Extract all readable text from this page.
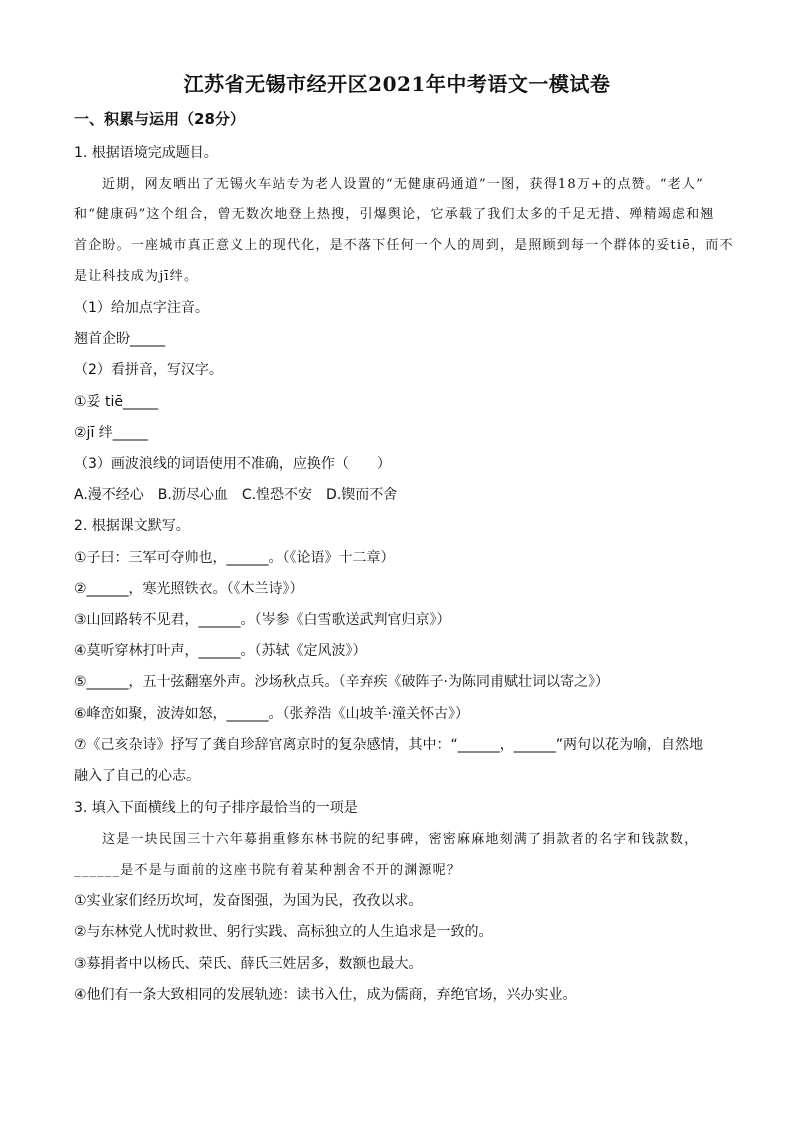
江苏省无锡市经开区2021年中考语文一模试卷
一、积累与运用（28分）
1. 根据语境完成题目。
近期，网友晒出了无锡火车站专为老人设置的“无健康码通道”一图，获得18万+的点赞。“老人”
和“健康码”这个组合，曾无数次地登上热搜，引爆舆论，它承载了我们太多的千足无措、殚精竭虑和翘
首企盼。一座城市真正意义上的现代化，是不落下任何一个人的周到，是照顾到每一个群体的妥tiē，而不
是让科技成为jī绊。
（1）给加点字注音。
翘首企盼_____
（2）看拼音，写汉字。
①妥 tiē_____
②jī 绊_____
（3）画波浪线的词语使用不准确，应换作（　　）
A.漫不经心　B.沥尽心血　C.惶恐不安　D.锲而不舍
2. 根据课文默写。
①子曰：三军可夺帅也，______。（《论语》十二章）
②______，寒光照铁衣。（《木兰诗》）
③山回路转不见君，______。（岑参《白雪歌送武判官归京》）
④莫听穿林打叶声，______。（苏轼《定风波》）
⑤______，五十弦翻塞外声。沙场秋点兵。（辛弃疾《破阵子·为陈同甫赋壮词以寄之》）
⑥峰峦如聚，波涛如怒，______。（张养浩《山坡羊·潼关怀古》）
⑦《己亥杂诗》抒写了龚自珍辞官离京时的复杂感情，其中：“______，______”两句以花为喻，自然地
融入了自己的心志。
3. 填入下面横线上的句子排序最恰当的一项是
这是一块民国三十六年募捐重修东林书院的纪事碑，密密麻麻地刻满了捐款者的名字和钱款数，
______是不是与面前的这座书院有着某种割舍不开的渊源呢？
①实业家们经历坎坷，发奋图强，为国为民，孜孜以求。
②与东林党人忧时救世、躬行实践、高标独立的人生追求是一致的。
③募捐者中以杨氏、荣氏、薛氏三姓居多，数额也最大。
④他们有一条大致相同的发展轨迹：读书入仕，成为儒商，弃绝官场，兴办实业。
